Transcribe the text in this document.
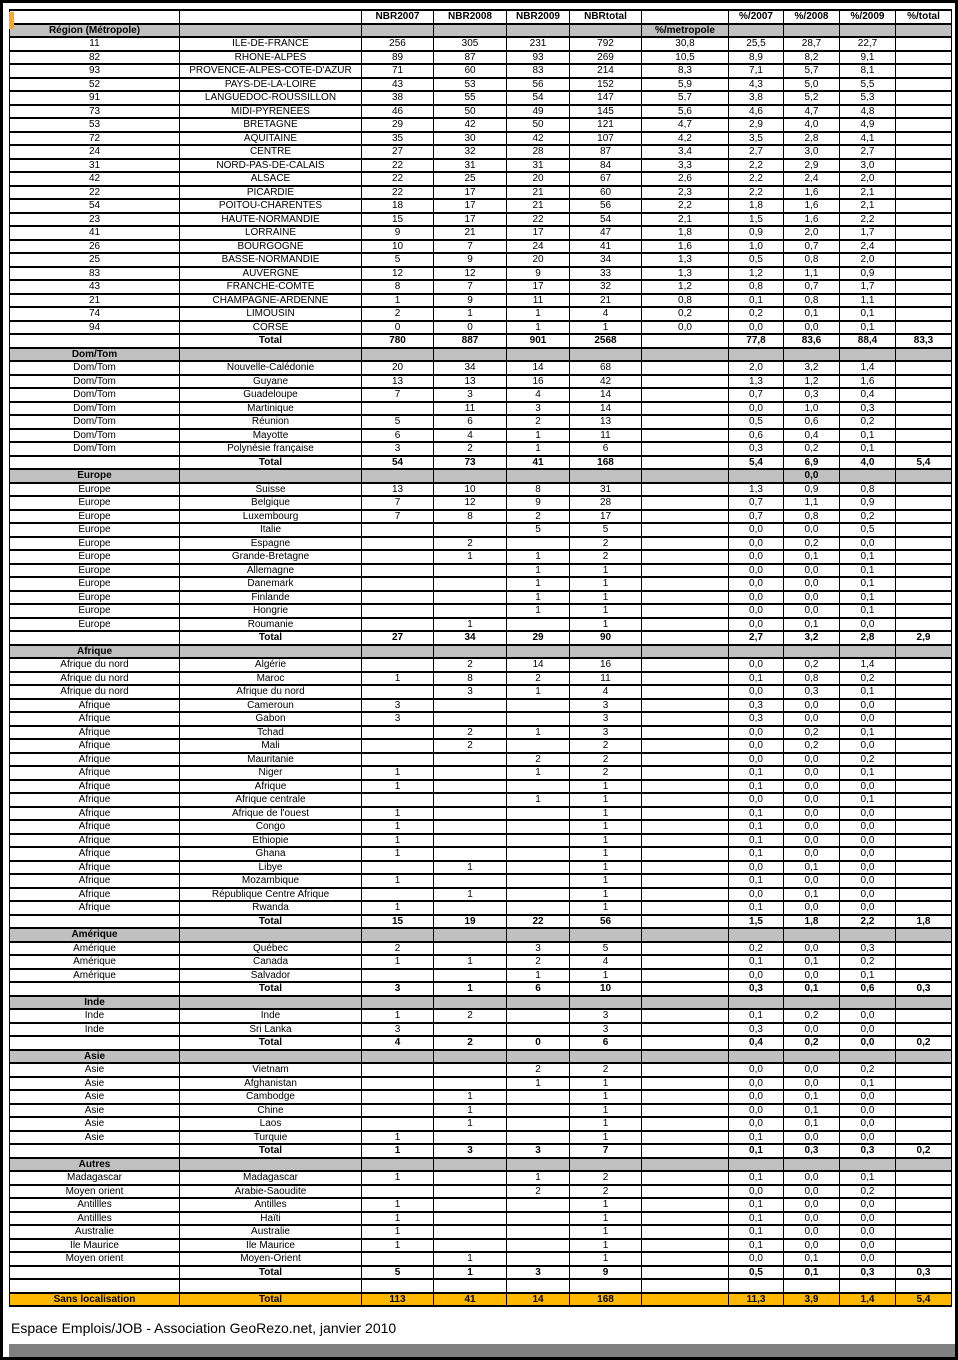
		NBR2007	NBR2008	NBR2009	NBRtotal		%/2007	%/2008	%/2009	%/total
Région (Métropole)						%/metropole				
11	ILE-DE-FRANCE	256	305	231	792	30,8	25,5	28,7	22,7	
82	RHONE-ALPES	89	87	93	269	10,5	8,9	8,2	9,1	
93	PROVENCE-ALPES-COTE-D'AZUR	71	60	83	214	8,3	7,1	5,7	8,1	
52	PAYS-DE-LA-LOIRE	43	53	56	152	5,9	4,3	5,0	5,5	
91	LANGUEDOC-ROUSSILLON	38	55	54	147	5,7	3,8	5,2	5,3	
73	MIDI-PYRENEES	46	50	49	145	5,6	4,6	4,7	4,8	
53	BRETAGNE	29	42	50	121	4,7	2,9	4,0	4,9	
72	AQUITAINE	35	30	42	107	4,2	3,5	2,8	4,1	
24	CENTRE	27	32	28	87	3,4	2,7	3,0	2,7	
31	NORD-PAS-DE-CALAIS	22	31	31	84	3,3	2,2	2,9	3,0	
42	ALSACE	22	25	20	67	2,6	2,2	2,4	2,0	
22	PICARDIE	22	17	21	60	2,3	2,2	1,6	2,1	
54	POITOU-CHARENTES	18	17	21	56	2,2	1,8	1,6	2,1	
23	HAUTE-NORMANDIE	15	17	22	54	2,1	1,5	1,6	2,2	
41	LORRAINE	9	21	17	47	1,8	0,9	2,0	1,7	
26	BOURGOGNE	10	7	24	41	1,6	1,0	0,7	2,4	
25	BASSE-NORMANDIE	5	9	20	34	1,3	0,5	0,8	2,0	
83	AUVERGNE	12	12	9	33	1,3	1,2	1,1	0,9	
43	FRANCHE-COMTE	8	7	17	32	1,2	0,8	0,7	1,7	
21	CHAMPAGNE-ARDENNE	1	9	11	21	0,8	0,1	0,8	1,1	
74	LIMOUSIN	2	1	1	4	0,2	0,2	0,1	0,1	
94	CORSE	0	0	1	1	0,0	0,0	0,0	0,1	
	Total	780	887	901	2568		77,8	83,6	88,4	83,3
Dom/Tom										
Dom/Tom	Nouvelle-Calédonie	20	34	14	68		2,0	3,2	1,4	
Dom/Tom	Guyane	13	13	16	42		1,3	1,2	1,6	
Dom/Tom	Guadeloupe	7	3	4	14		0,7	0,3	0,4	
Dom/Tom	Martinique		11	3	14		0,0	1,0	0,3	
Dom/Tom	Réunion	5	6	2	13		0,5	0,6	0,2	
Dom/Tom	Mayotte	6	4	1	11		0,6	0,4	0,1	
Dom/Tom	Polynésie française	3	2	1	6		0,3	0,2	0,1	
	Total	54	73	41	168		5,4	6,9	4,0	5,4
Europe								0,0		
Europe	Suisse	13	10	8	31		1,3	0,9	0,8	
Europe	Belgique	7	12	9	28		0,7	1,1	0,9	
Europe	Luxembourg	7	8	2	17		0,7	0,8	0,2	
Europe	Italie			5	5		0,0	0,0	0,5	
Europe	Espagne		2		2		0,0	0,2	0,0	
Europe	Grande-Bretagne		1	1	2		0,0	0,1	0,1	
Europe	Allemagne			1	1		0,0	0,0	0,1	
Europe	Danemark			1	1		0,0	0,0	0,1	
Europe	Finlande			1	1		0,0	0,0	0,1	
Europe	Hongrie			1	1		0,0	0,0	0,1	
Europe	Roumanie		1		1		0,0	0,1	0,0	
	Total	27	34	29	90		2,7	3,2	2,8	2,9
Afrique										
Afrique du nord	Algérie		2	14	16		0,0	0,2	1,4	
Afrique du nord	Maroc	1	8	2	11		0,1	0,8	0,2	
Afrique du nord	Afrique du nord		3	1	4		0,0	0,3	0,1	
Afrique	Cameroun	3			3		0,3	0,0	0,0	
Afrique	Gabon	3			3		0,3	0,0	0,0	
Afrique	Tchad		2	1	3		0,0	0,2	0,1	
Afrique	Mali		2		2		0,0	0,2	0,0	
Afrique	Mauritanie			2	2		0,0	0,0	0,2	
Afrique	Niger	1		1	2		0,1	0,0	0,1	
Afrique	Afrique	1			1		0,1	0,0	0,0	
Afrique	Afrique centrale			1	1		0,0	0,0	0,1	
Afrique	Afrique de l'ouest	1			1		0,1	0,0	0,0	
Afrique	Congo	1			1		0,1	0,0	0,0	
Afrique	Ethiopie	1			1		0,1	0,0	0,0	
Afrique	Ghana	1			1		0,1	0,0	0,0	
Afrique	Libye		1		1		0,0	0,1	0,0	
Afrique	Mozambique	1			1		0,1	0,0	0,0	
Afrique	République Centre Afrique		1		1		0,0	0,1	0,0	
Afrique	Rwanda	1			1		0,1	0,0	0,0	
	Total	15	19	22	56		1,5	1,8	2,2	1,8
Amérique										
Amérique	Québec	2		3	5		0,2	0,0	0,3	
Amérique	Canada	1	1	2	4		0,1	0,1	0,2	
Amérique	Salvador			1	1		0,0	0,0	0,1	
	Total	3	1	6	10		0,3	0,1	0,6	0,3
Inde										
Inde	Inde	1	2		3		0,1	0,2	0,0	
Inde	Sri Lanka	3			3		0,3	0,0	0,0	
	Total	4	2	0	6		0,4	0,2	0,0	0,2
Asie										
Asie	Vietnam			2	2		0,0	0,0	0,2	
Asie	Afghanistan			1	1		0,0	0,0	0,1	
Asie	Cambodge		1		1		0,0	0,1	0,0	
Asie	Chine		1		1		0,0	0,1	0,0	
Asie	Laos		1		1		0,0	0,1	0,0	
Asie	Turquie	1			1		0,1	0,0	0,0	
	Total	1	3	3	7		0,1	0,3	0,3	0,2
Autres										
Madagascar	Madagascar	1		1	2		0,1	0,0	0,1	
Moyen orient	Arabie-Saoudite			2	2		0,0	0,0	0,2	
Antillles	Antilles	1			1		0,1	0,0	0,0	
Antillles	Haïti	1			1		0,1	0,0	0,0	
Australie	Australie	1			1		0,1	0,0	0,0	
Ile Maurice	Ile Maurice	1			1		0,1	0,0	0,0	
Moyen orient	Moyen-Orient		1		1		0,0	0,1	0,0	
	Total	5	1	3	9		0,5	0,1	0,3	0,3

Sans localisation	Total	113	41	14	168		11,3	3,9	1,4	5,4
Espace Emplois/JOB - Association GeoRezo.net, janvier 2010
